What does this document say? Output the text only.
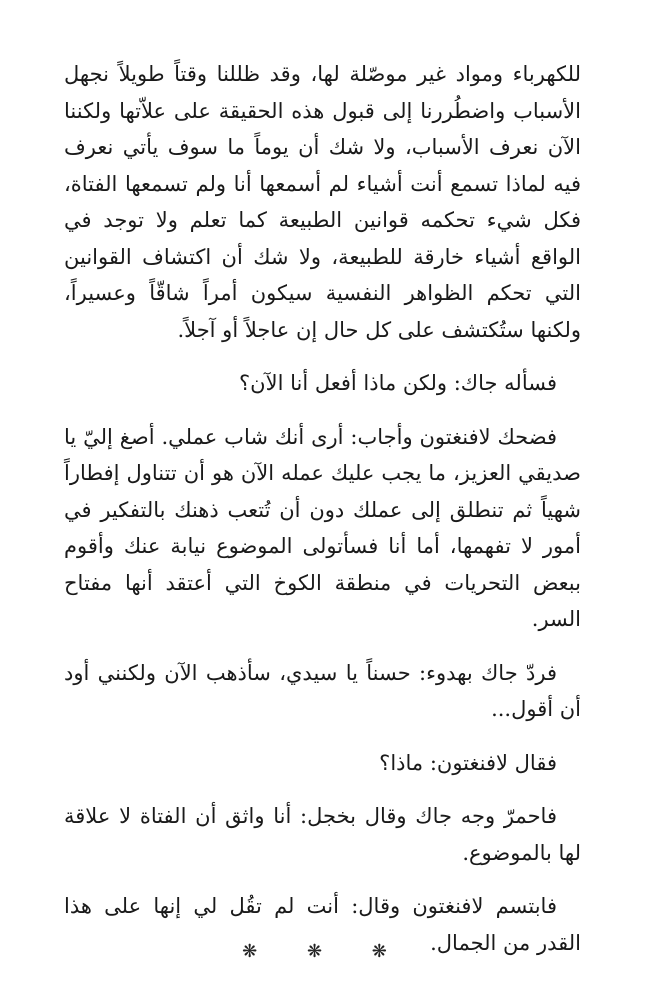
للكهرباء ومواد غير موصّلة لها، وقد ظللنا وقتاً طويلاً نجهل الأسباب واضطُررنا إلى قبول هذه الحقيقة على علاّتها ولكننا الآن نعرف الأسباب، ولا شك أن يوماً ما سوف يأتي نعرف فيه لماذا تسمع أنت أشياء لم أسمعها أنا ولم تسمعها الفتاة، فكل شيء تحكمه قوانين الطبيعة كما تعلم ولا توجد في الواقع أشياء خارقة للطبيعة، ولا شك أن اكتشاف القوانين التي تحكم الظواهر النفسية سيكون أمراً شاقّاً وعسيراً، ولكنها ستُكتشف على كل حال إن عاجلاً أو آجلاً.

فسأله جاك: ولكن ماذا أفعل أنا الآن؟

فضحك لافنغتون وأجاب: أرى أنك شاب عملي. أصغ إليّ يا صديقي العزيز، ما يجب عليك عمله الآن هو أن تتناول إفطاراً شهياً ثم تنطلق إلى عملك دون أن تُتعب ذهنك بالتفكير في أمور لا تفهمها، أما أنا فسأتولى الموضوع نيابة عنك وأقوم ببعض التحريات في منطقة الكوخ التي أعتقد أنها مفتاح السر.

فردّ جاك بهدوء: حسناً يا سيدي، سأذهب الآن ولكنني أود أن أقول...

فقال لافنغتون: ماذا؟

فاحمرّ وجه جاك وقال بخجل: أنا واثق أن الفتاة لا علاقة لها بالموضوع.

فابتسم لافنغتون وقال: أنت لم تقُل لي إنها على هذا القدر من الجمال.

❋ ❋ ❋
